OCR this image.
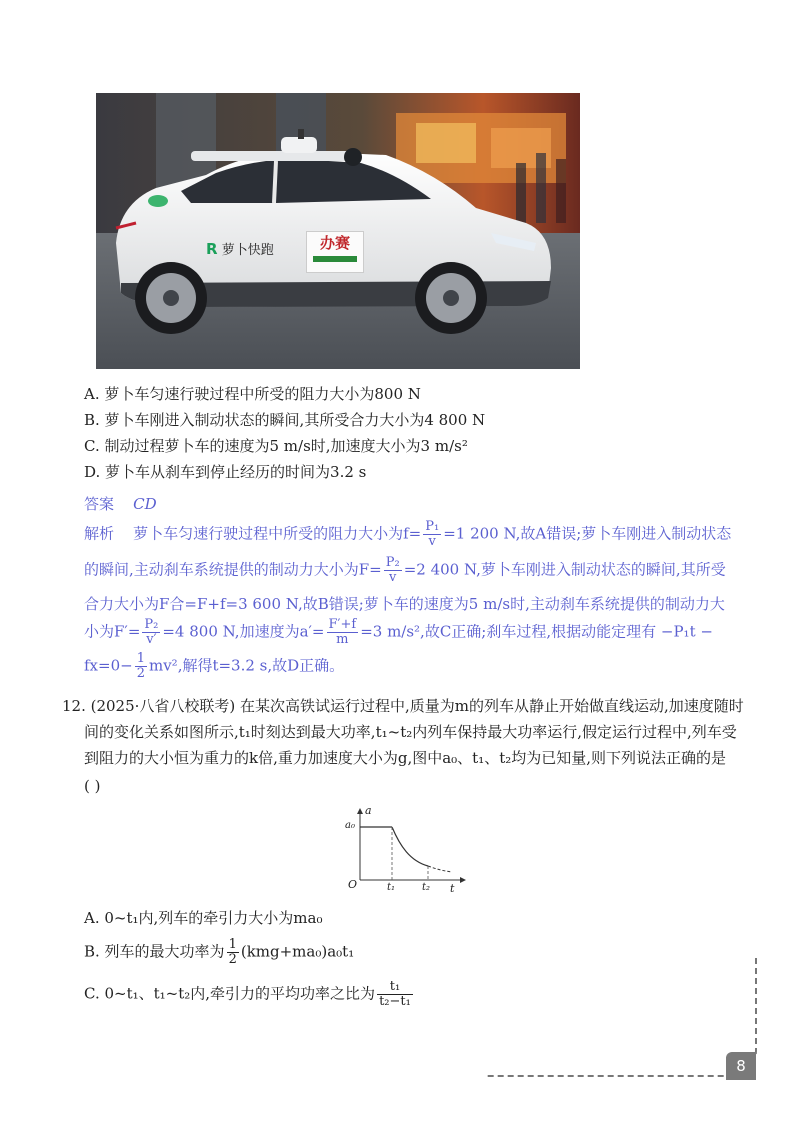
R 萝卜快跑	办赛
A. 萝卜车匀速行驶过程中所受的阻力大小为800 N
B. 萝卜车刚进入制动状态的瞬间,其所受合力大小为4 800 N
C. 制动过程萝卜车的速度为5 m/s时,加速度大小为3 m/s²
D. 萝卜车从刹车到停止经历的时间为3.2 s
答案 CD
解析 萝卜车匀速行驶过程中所受的阻力大小为$f= \frac{\text{P₁}}{v} =1$ 200 N,故A错误;萝卜车刚进入制动状态
的瞬间,主动刹车系统提供的制动力大小为$F= \frac{\text{P₂}}{v} =2$ 400 N,萝卜车刚进入制动状态的瞬间,其所受
合力大小为F合=F+f=3 600 N,故B错误;萝卜车的速度为5 m/s时,主动刹车系统提供的制动力大
小为$F'= \frac{\text{P₂}}{v'} =4$ 800 N,加速度为$a'= \frac{F'+f}{m} =3$ m/s²,故C正确;刹车过程,根据动能定理有 −P₁t −
$fx=0- \frac{1}{2} mv^2$,解得t=3.2 s,故D正确。
12. (2025·八省八校联考) 在某次高铁试运行过程中,质量为m的列车从静止开始做直线运动,加速度随时
间的变化关系如图所示,t₁时刻达到最大功率,t₁~t₂内列车保持最大功率运行,假定运行过程中,列车受
到阻力的大小恒为重力的k倍,重力加速度大小为g,图中a₀、t₁、t₂均为已知量,则下列说法正确的是
( )
a
a₀
O	t₁	t₂ t
A. 0~t₁内,列车的牵引力大小为ma₀
B. 列车的最大功率为 $\frac{1}{2} (kmg+ma_0)a_0t_1$
C. 0~t₁、t₁~t₂内,牵引力的平均功率之比为 $\frac{\text{t₁}}{\text{t₂−t₁}}$
8
